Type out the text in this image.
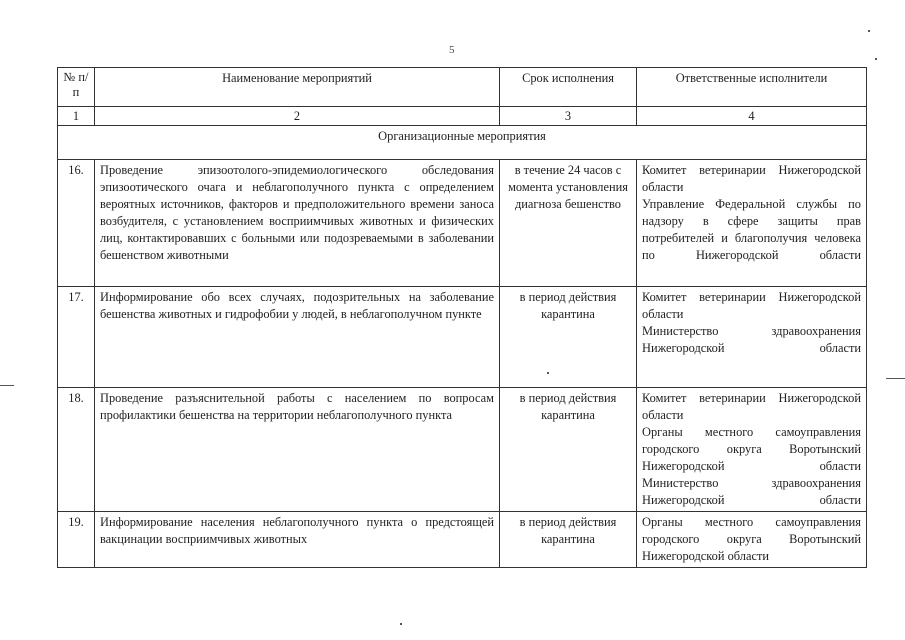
5
№ п/п	Наименование мероприятий	Срок исполнения	Ответственные исполнители
1	2	3	4
Организационные мероприятия			
16.	Проведение эпизоотолого-эпидемиологического обследования эпизоотического очага и неблагополучного пункта с определением вероятных источников, факторов и предположительного времени заноса возбудителя, с установлением восприимчивых животных и физических лиц, контактировавших с больными или подозреваемыми в заболевании бешенством животными	в течение 24 часов с момента установления диагноза бешенство	Комитет ветеринарии Нижегородской области
Управление Федеральной службы по надзору в сфере защиты прав потребителей и благополучия человека по Нижегородской области

17.	Информирование обо всех случаях, подозрительных на заболевание бешенства животных и гидрофобии у людей, в неблагополучном пункте	в период действия карантина	Комитет ветеринарии Нижегородской области
Министерство здравоохранения Нижегородской области

18.	Проведение разъяснительной работы с населением по вопросам профилактики бешенства на территории неблагополучного пункта	в период действия карантина	Комитет ветеринарии Нижегородской области
Органы местного самоуправления городского округа Воротынский Нижегородской области
Министерство здравоохранения Нижегородской области

19.	Информирование населения неблагополучного пункта о предстоящей вакцинации восприимчивых животных	в период действия карантина	Органы местного самоуправления городского округа Воротынский Нижегородской области
